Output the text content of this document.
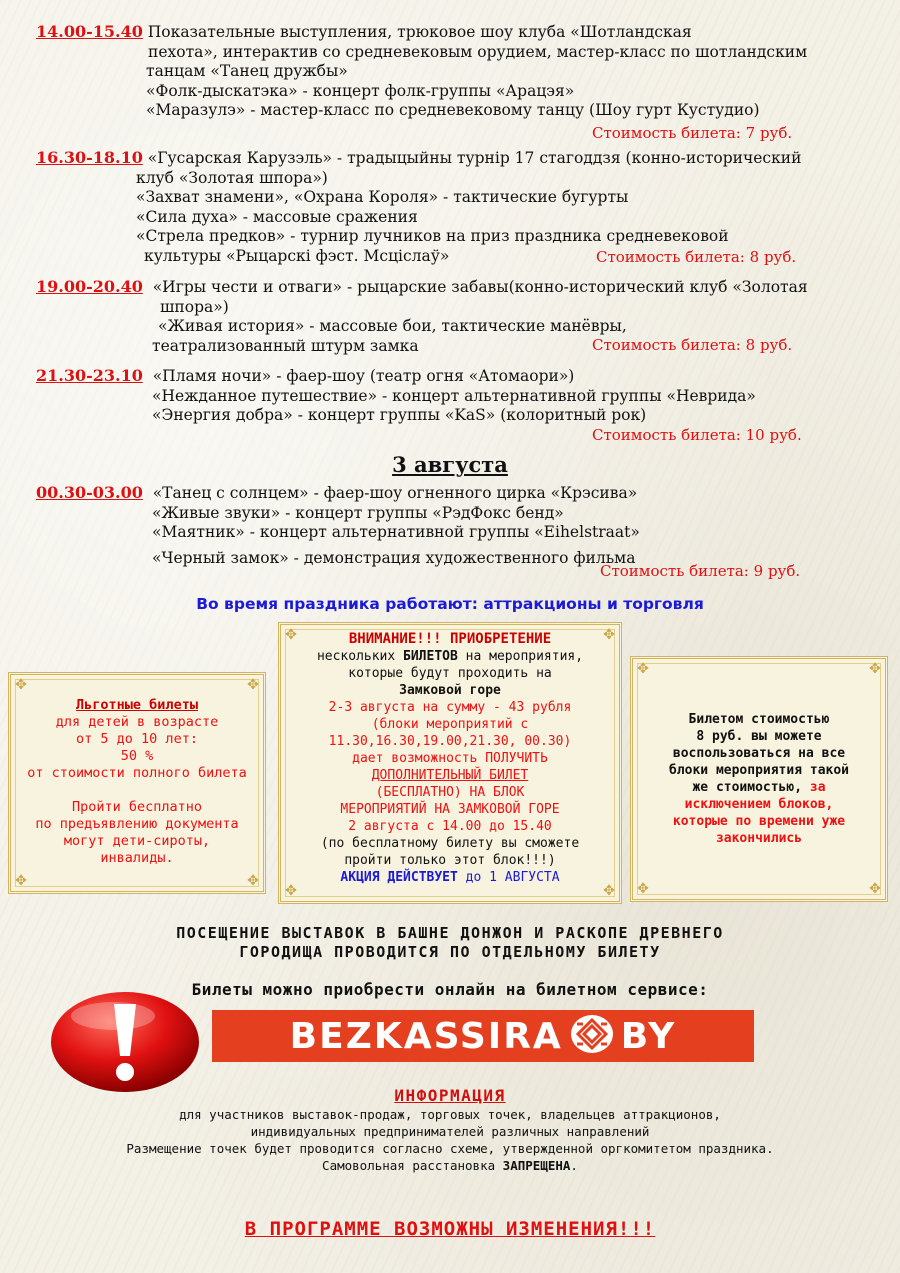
14.00-15.40 Показательные выступления, трюковое шоу клуба «Шотландская
пехота», интерактив со средневековым орудием, мастер-класс по шотландским
танцам «Танец дружбы»
«Фолк-дыскатэка» - концерт фолк-группы «Арацэя»
«Маразулэ» - мастер-класс по средневековому танцу (Шоу гурт Кустудио)
Стоимость билета: 7 руб.
16.30-18.10 «Гусарская Карузэль» - традыцыйны турнір 17 стагоддзя (конно-исторический
клуб «Золотая шпора»)
«Захват знамени», «Охрана Короля» - тактические бугурты
«Сила духа» - массовые сражения
«Стрела предков» - турнир лучников на приз праздника средневековой
культуры «Рыцарскі фэст. Мсціслаў»	Стоимость билета: 8 руб.
19.00-20.40 «Игры чести и отваги» - рыцарские забавы(конно-исторический клуб «Золотая
шпора»)
«Живая история» - массовые бои, тактические манёвры,
театрализованный штурм замка	Стоимость билета: 8 руб.
21.30-23.10 «Пламя ночи» - фаер-шоу (театр огня «Атомаори»)
«Нежданное путешествие» - концерт альтернативной группы «Неврида»
«Энергия добра» - концерт группы «KaS» (колоритный рок)
Стоимость билета: 10 руб.
3 августа
00.30-03.00 «Танец с солнцем» - фаер-шоу огненного цирка «Крэсива»
«Живые звуки» - концерт группы «РэдФокс бенд»
«Маятник» - концерт альтернативной группы «Eihelstraat»
«Черный замок» - демонстрация художественного фильма
Стоимость билета: 9 руб.
Во время праздника работают: аттракционы и торговля
✥	✥
✥	✥
Льготные билеты
для детей в возрасте
от 5 до 10 лет:
50 %
от стоимости полного билета
Пройти бесплатно
по предъявлению документа
могут дети-сироты,
инвалиды.
✥	✥
✥	✥
ВНИМАНИЕ!!! ПРИОБРЕТЕНИЕ
нескольких БИЛЕТОВ на мероприятия,
которые будут проходить на
Замковой горе
2-3 августа на сумму - 43 рубля
(блоки мероприятий с
11.30,16.30,19.00,21.30, 00.30)
дает возможность ПОЛУЧИТЬ
ДОПОЛНИТЕЛЬНЫЙ БИЛЕТ
(БЕСПЛАТНО) НА БЛОК
МЕРОПРИЯТИЙ НА ЗАМКОВОЙ ГОРЕ
2 августа с 14.00 до 15.40
(по бесплатному билету вы сможете
пройти только этот блок!!!)
АКЦИЯ ДЕЙСТВУЕТ до 1 АВГУСТА
✥	✥
✥	✥
Билетом стоимостью
8 руб. вы можете
воспользоваться на все
блоки мероприятия такой
же стоимостью, за
исключением блоков,
которые по времени уже
закончились
ПОСЕЩЕНИЕ ВЫСТАВОК В БАШНЕ ДОНЖОН И РАСКОПЕ ДРЕВНЕГО
ГОРОДИЩА ПРОВОДИТСЯ ПО ОТДЕЛЬНОМУ БИЛЕТУ
Билеты можно приобрести онлайн на билетном сервисе:
BEZKASSIRA BY
ИНФОРМАЦИЯ
для участников выставок-продаж, торговых точек, владельцев аттракционов,
индивидуальных предпринимателей различных направлений
Размещение точек будет проводится согласно схеме, утвержденной оргкомитетом праздника.
Самовольная расстановка ЗАПРЕЩЕНА.
В ПРОГРАММЕ ВОЗМОЖНЫ ИЗМЕНЕНИЯ!!!
